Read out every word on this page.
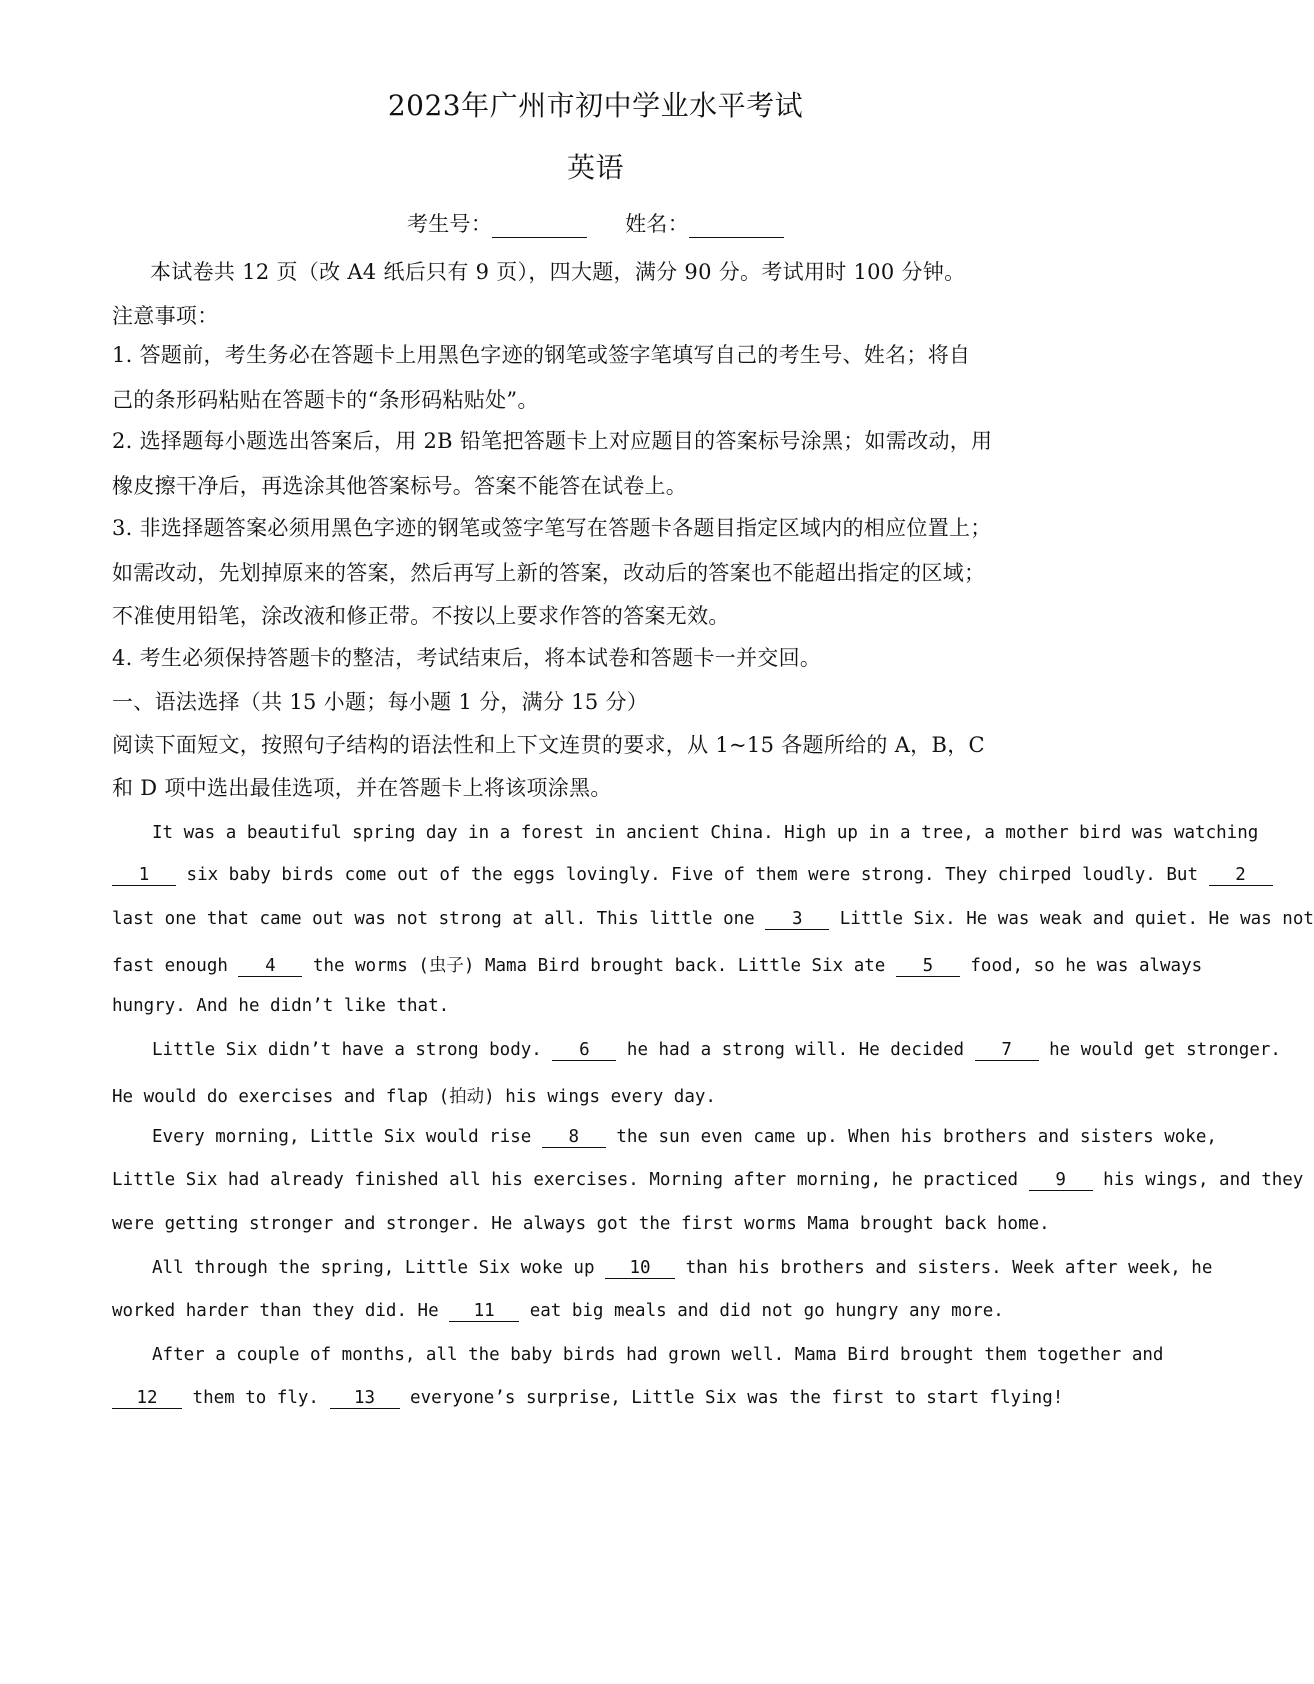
2023年广州市初中学业水平考试
英语
考生号：	姓名：
本试卷共 12 页（改 A4 纸后只有 9 页），四大题，满分 90 分。考试用时 100 分钟。
注意事项：
1. 答题前，考生务必在答题卡上用黑色字迹的钢笔或签字笔填写自己的考生号、姓名；将自
己的条形码粘贴在答题卡的“条形码粘贴处”。
2. 选择题每小题选出答案后，用 2B 铅笔把答题卡上对应题目的答案标号涂黑；如需改动，用
橡皮擦干净后，再选涂其他答案标号。答案不能答在试卷上。
3. 非选择题答案必须用黑色字迹的钢笔或签字笔写在答题卡各题目指定区域内的相应位置上；
如需改动，先划掉原来的答案，然后再写上新的答案，改动后的答案也不能超出指定的区域；
不准使用铅笔，涂改液和修正带。不按以上要求作答的答案无效。
4. 考生必须保持答题卡的整洁，考试结束后，将本试卷和答题卡一并交回。
一、语法选择（共 15 小题；每小题 1 分，满分 15 分）
阅读下面短文，按照句子结构的语法性和上下文连贯的要求，从 1~15 各题所给的 A，B，C
和 D 项中选出最佳选项，并在答题卡上将该项涂黑。
It was a beautiful spring day in a forest in ancient China. High up in a tree, a mother bird was watching
1 six baby birds come out of the eggs lovingly. Five of them were strong. They chirped loudly. But 2
last one that came out was not strong at all. This little one 3 Little Six. He was weak and quiet. He was not
fast enough 4 the worms (虫子) Mama Bird brought back. Little Six ate 5 food, so he was always
hungry. And he didn’t like that.
Little Six didn’t have a strong body. 6 he had a strong will. He decided 7 he would get stronger.
He would do exercises and flap (拍动) his wings every day.
Every morning, Little Six would rise 8 the sun even came up. When his brothers and sisters woke,
Little Six had already finished all his exercises. Morning after morning, he practiced 9 his wings, and they
were getting stronger and stronger. He always got the first worms Mama brought back home.
All through the spring, Little Six woke up 10 than his brothers and sisters. Week after week, he
worked harder than they did. He 11 eat big meals and did not go hungry any more.
After a couple of months, all the baby birds had grown well. Mama Bird brought them together and
12 them to fly. 13 everyone’s surprise, Little Six was the first to start flying!
